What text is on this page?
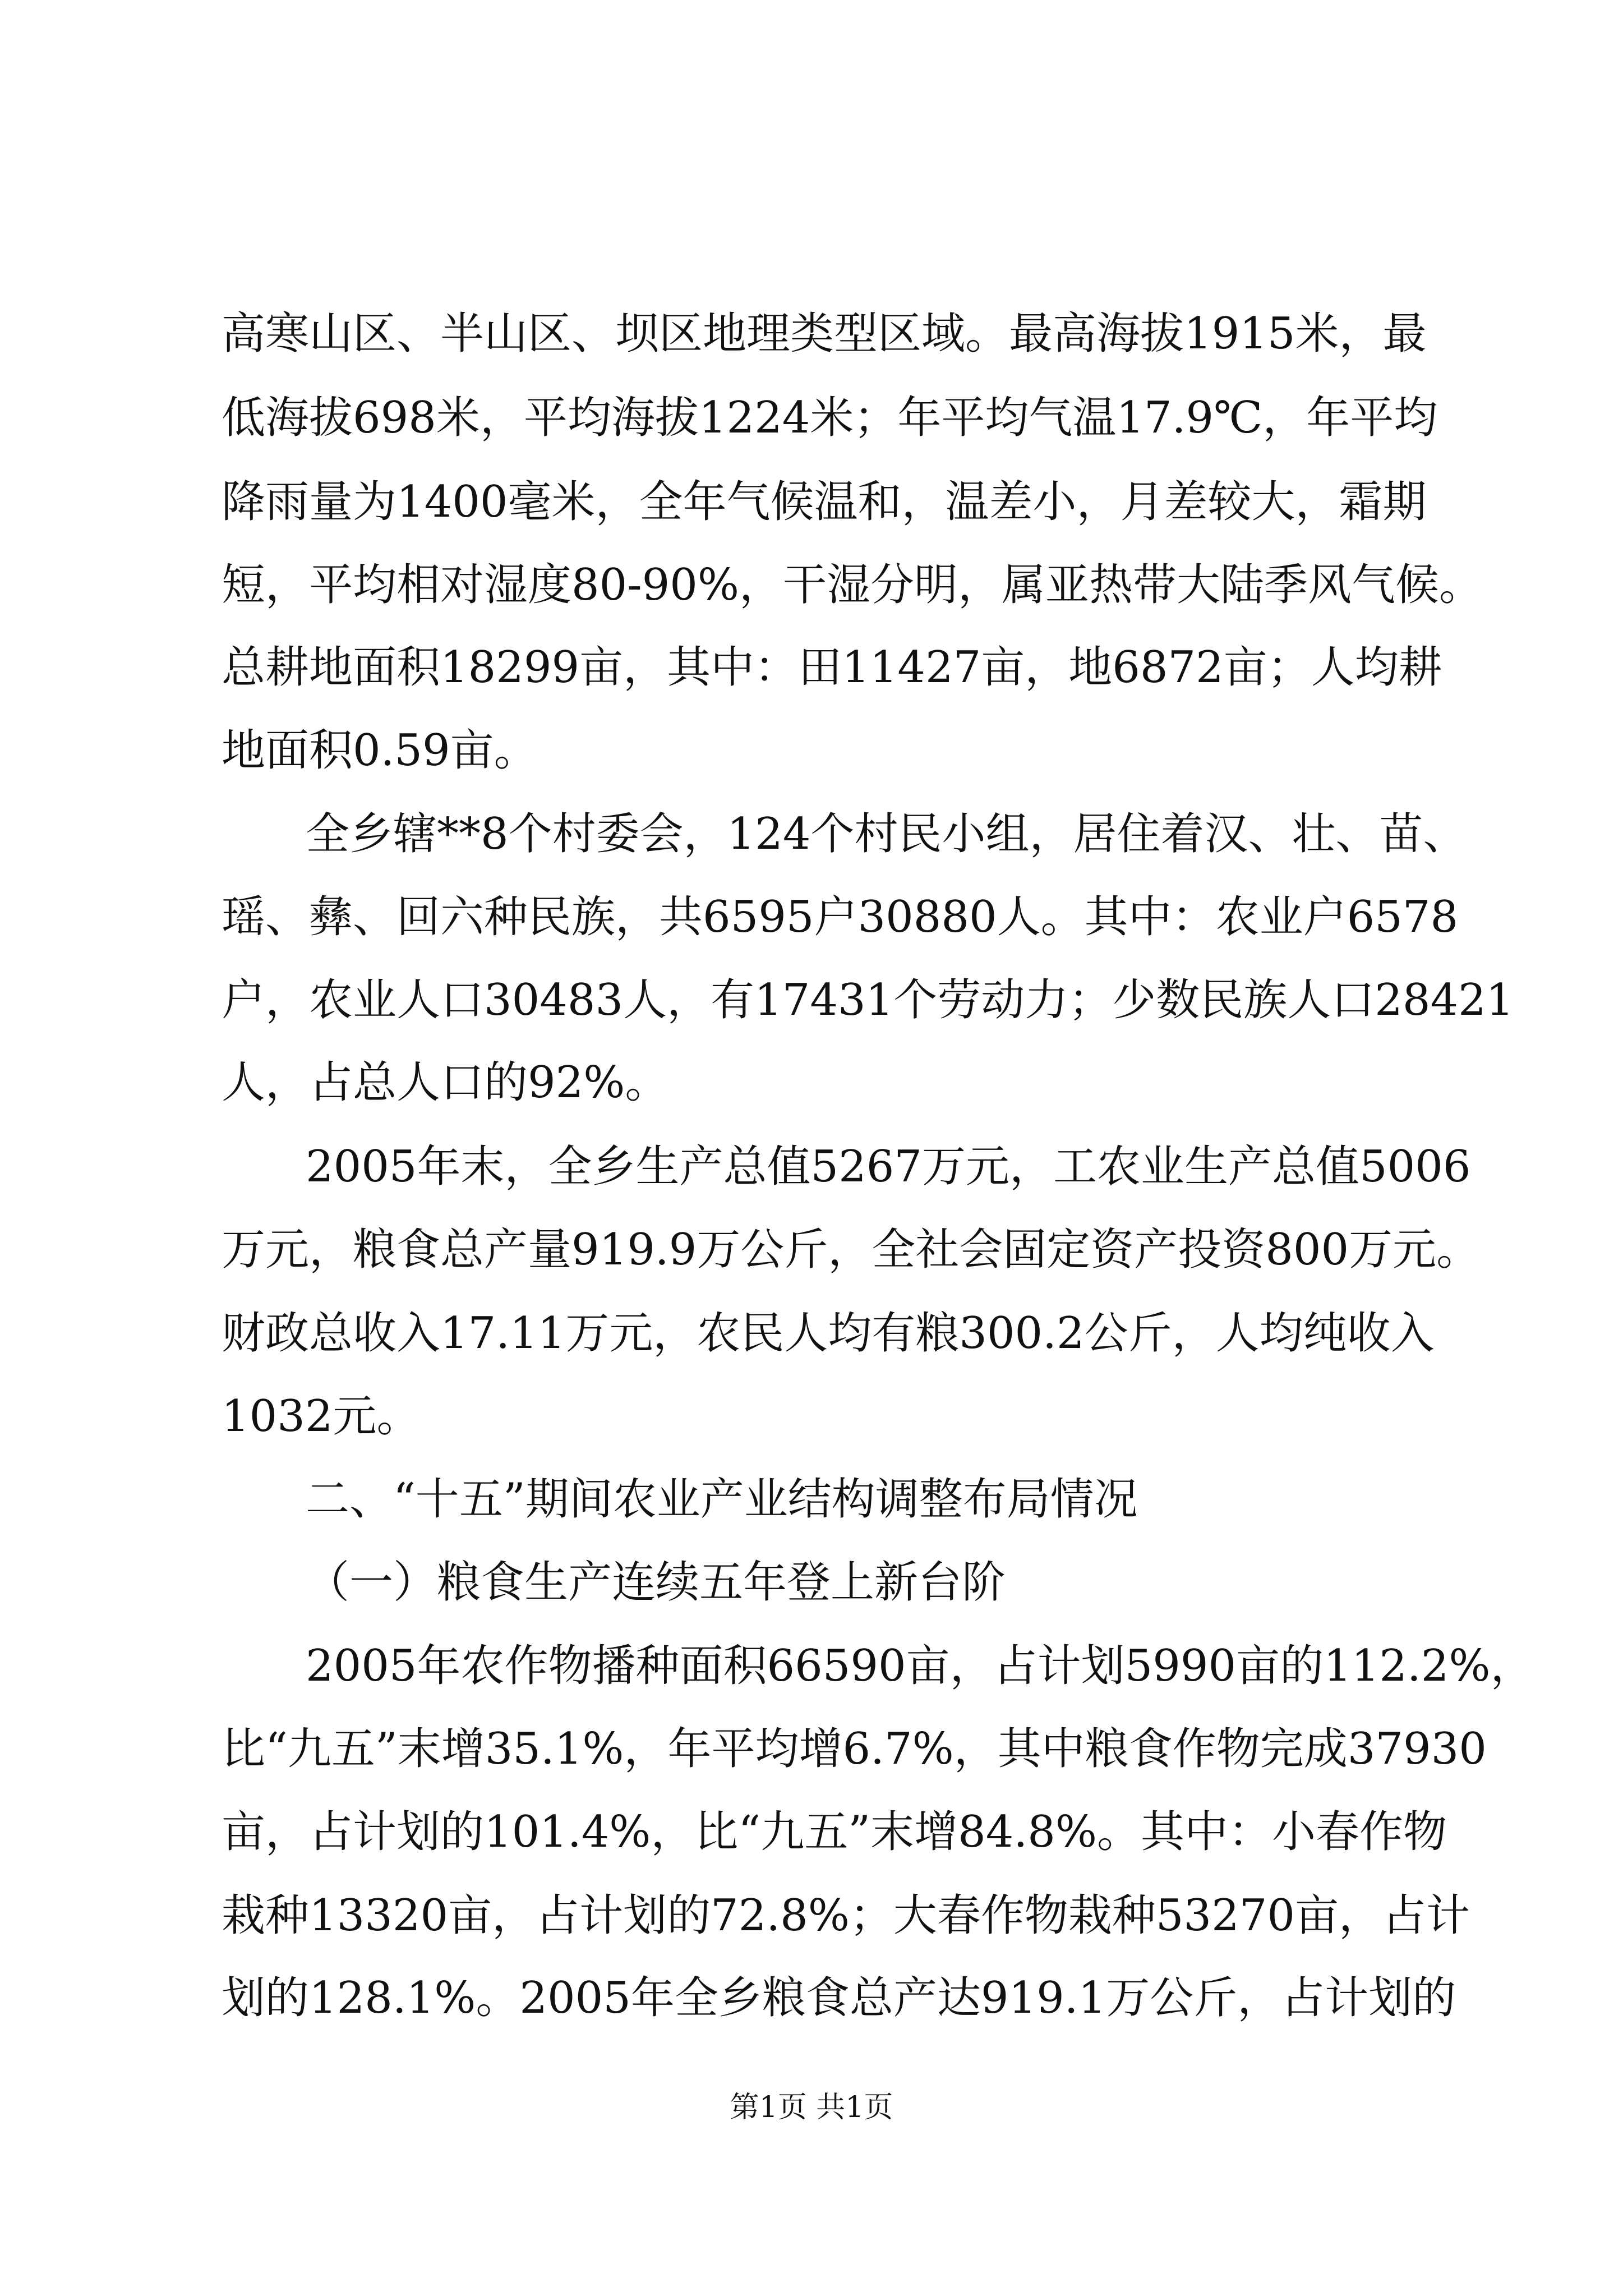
高寒山区、半山区、坝区地理类型区域。最高海拔1915米，最
低海拔698米，平均海拔1224米；年平均气温17.9℃，年平均
降雨量为1400毫米，全年气候温和，温差小，月差较大，霜期
短，平均相对湿度80-90%，干湿分明，属亚热带大陆季风气候。
总耕地面积18299亩，其中：田11427亩，地6872亩；人均耕
地面积0.59亩。
全乡辖**8个村委会，124个村民小组，居住着汉、壮、苗、
瑶、彝、回六种民族，共6595户30880人。其中：农业户6578
户，农业人口30483人，有17431个劳动力；少数民族人口28421
人，占总人口的92%。
2005年末，全乡生产总值5267万元，工农业生产总值5006
万元，粮食总产量919.9万公斤，全社会固定资产投资800万元。
财政总收入17.11万元，农民人均有粮300.2公斤，人均纯收入
1032元。
二、“十五”期间农业产业结构调整布局情况
（一）粮食生产连续五年登上新台阶
2005年农作物播种面积66590亩，占计划5990亩的112.2%，
比“九五”末增35.1%，年平均增6.7%，其中粮食作物完成37930
亩，占计划的101.4%，比“九五”末增84.8%。其中：小春作物
栽种13320亩，占计划的72.8%；大春作物栽种53270亩，占计
划的128.1%。2005年全乡粮食总产达919.1万公斤，占计划的
第1页 共1页
